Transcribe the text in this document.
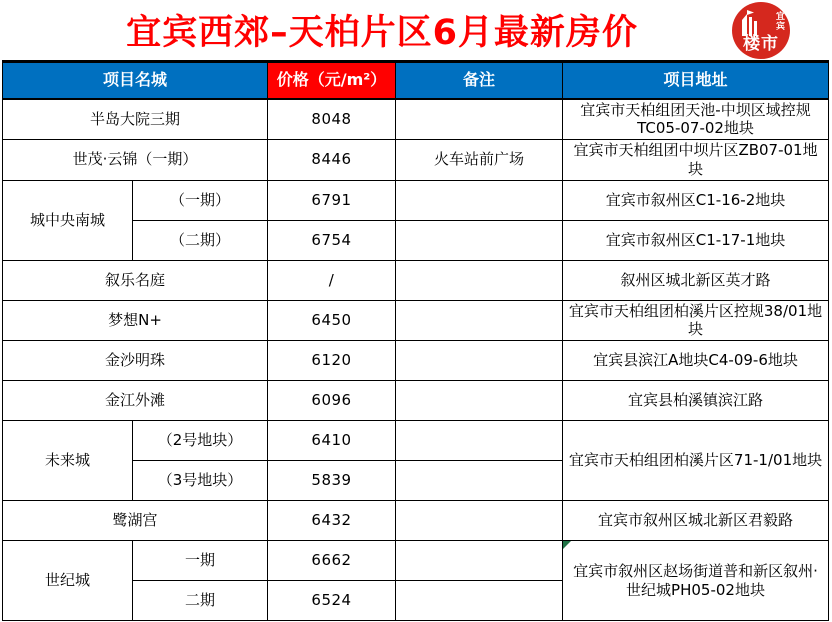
宜宾西郊–天柏片区6月最新房价	宜宾
楼市
项目名城		价格（元/m²）	备注	项目地址
半岛大院三期		8048		宜宾市天柏组团天池-中坝区域控规TC05-07-02地块
世茂·云锦（一期）		8446	火车站前广场	宜宾市天柏组团中坝片区ZB07-01地块
城中央南城	（一期）	6791		宜宾市叙州区C1-16-2地块
	（二期）	6754		宜宾市叙州区C1-17-1地块
叙乐名庭		/		叙州区城北新区英才路
梦想N+		6450		宜宾市天柏组团柏溪片区控规38/01地块
金沙明珠		6120		宜宾县滨江A地块C4-09-6地块
金江外滩		6096		宜宾县柏溪镇滨江路
未来城	（2号地块）	6410		宜宾市天柏组团柏溪片区71-1/01地块
	（3号地块）	5839		
鹭湖宫		6432		宜宾市叙州区城北新区君毅路
世纪城	一期	6662		宜宾市叙州区赵场街道普和新区叙州·世纪城PH05-02地块
	二期	6524		
